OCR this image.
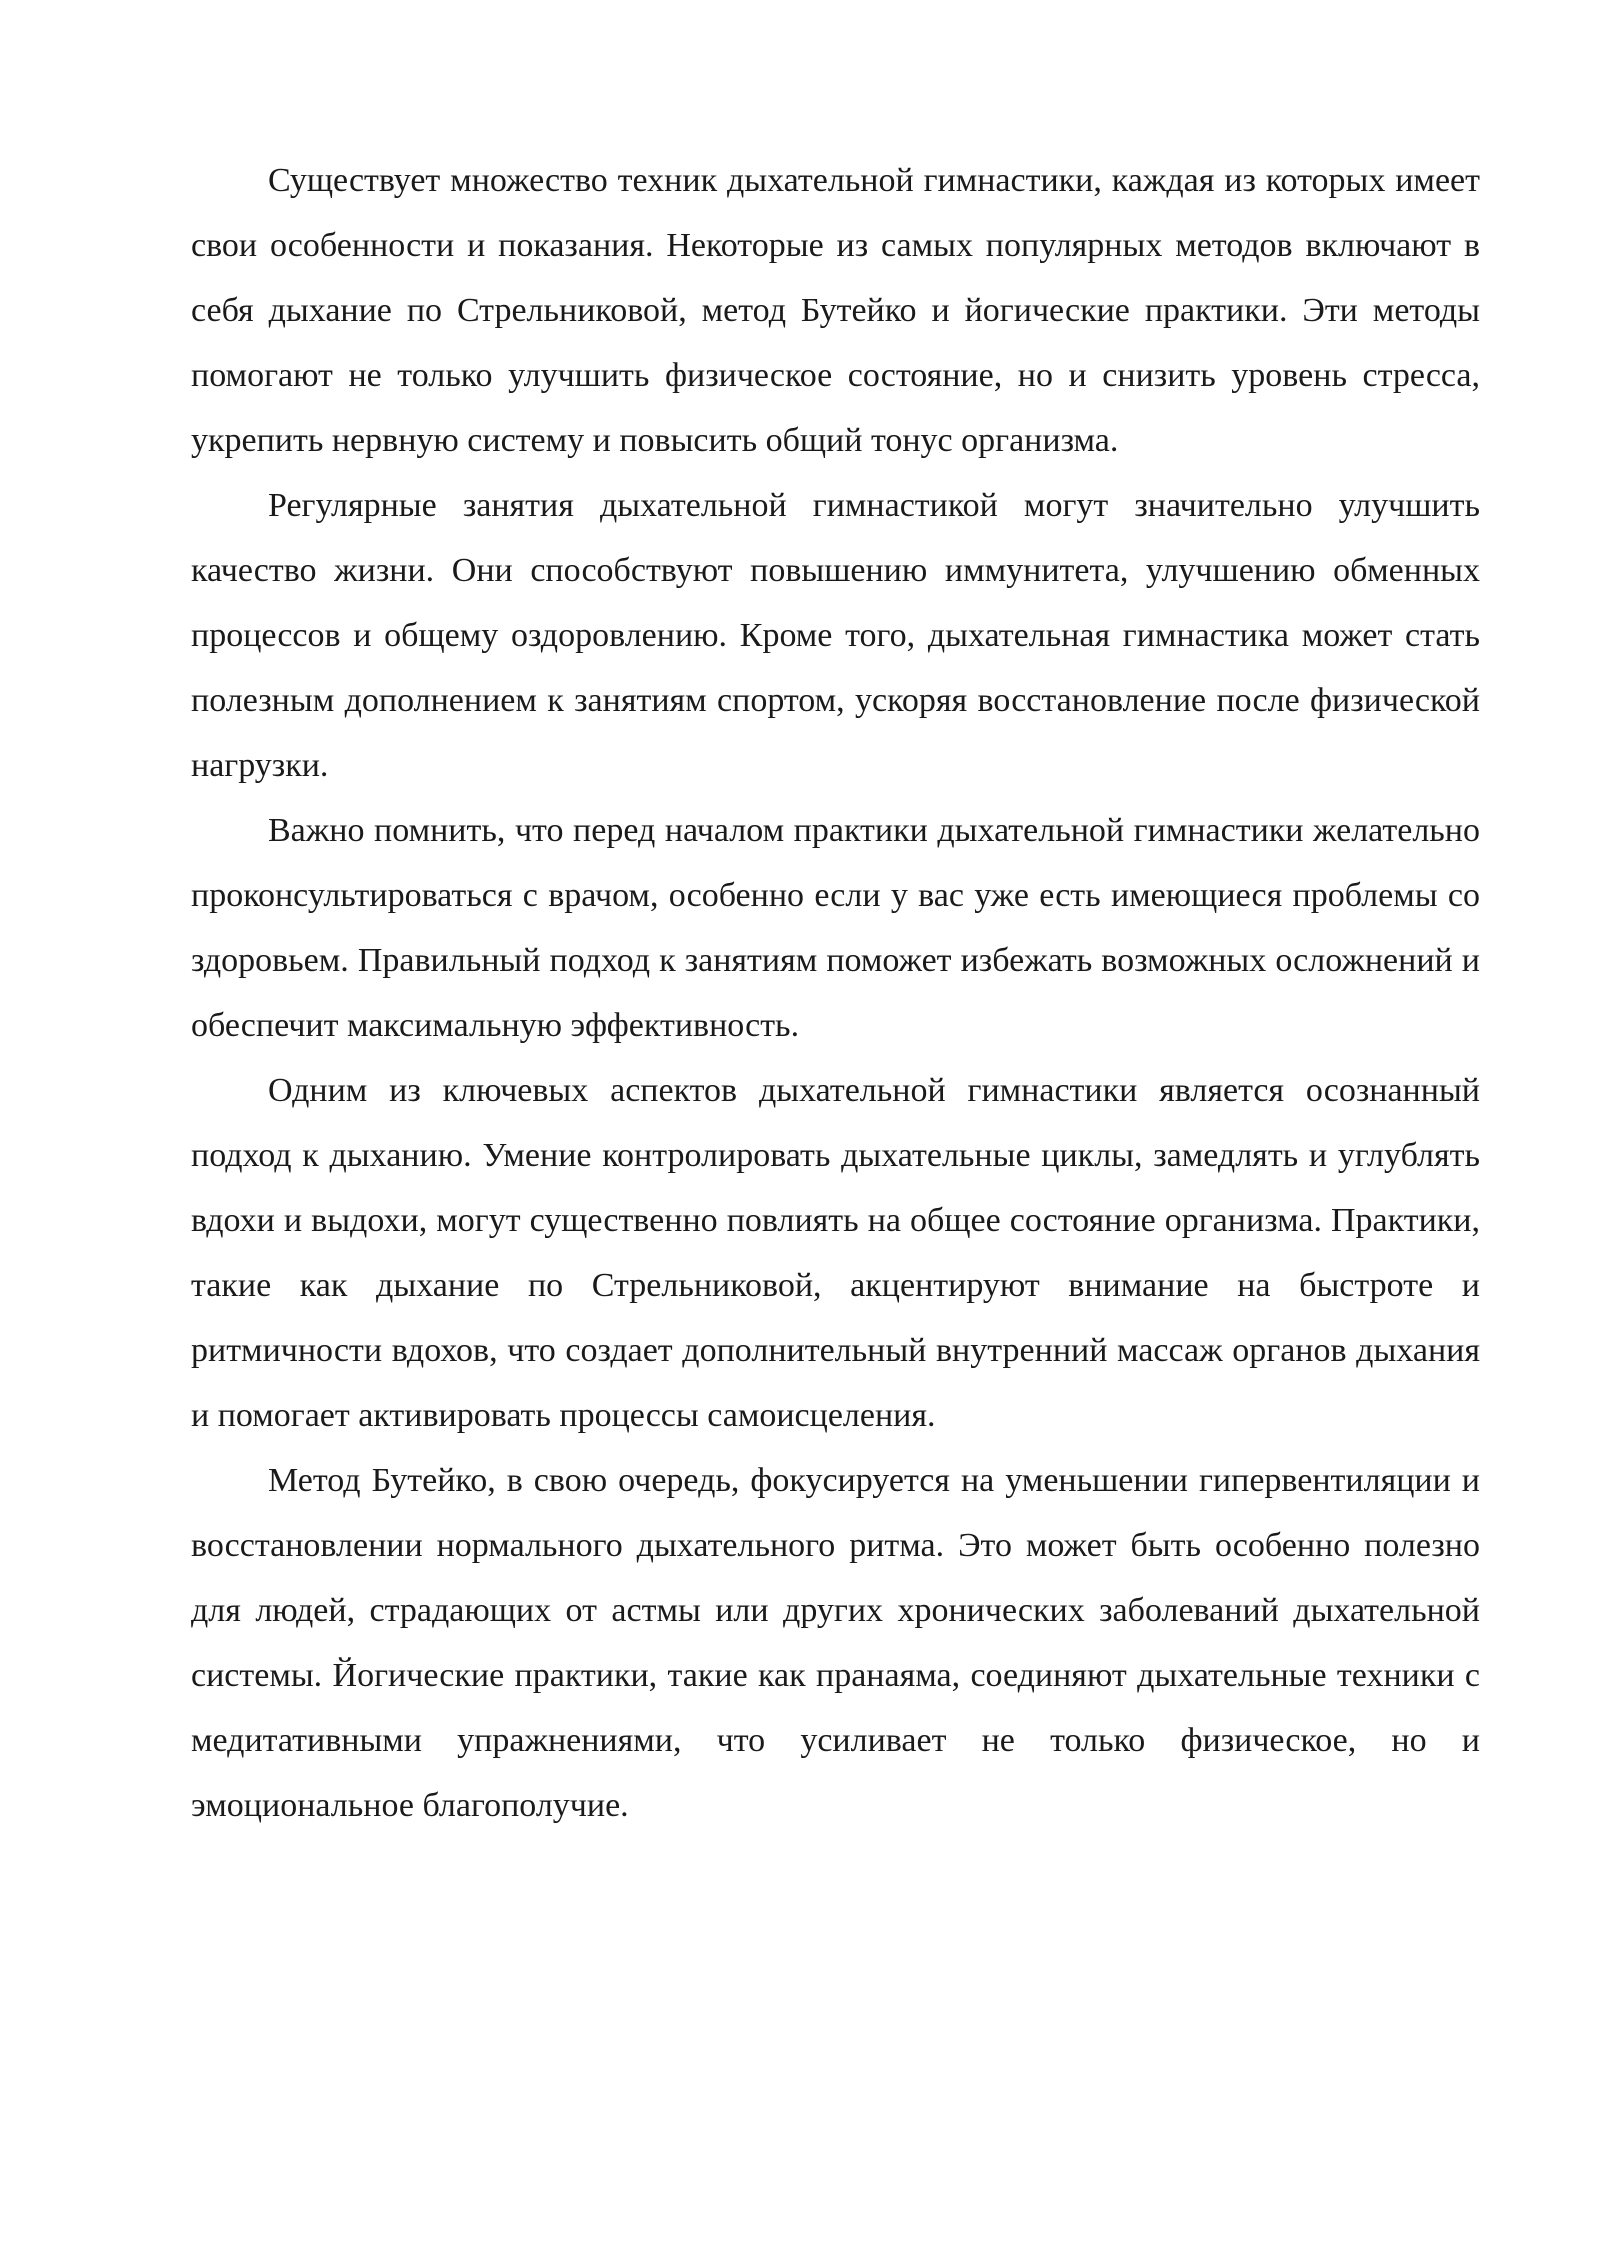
Существует множество техник дыхательной гимнастики, каждая из которых имеет свои особенности и показания. Некоторые из самых популярных методов включают в себя дыхание по Стрельниковой, метод Бутейко и йогические практики. Эти методы помогают не только улучшить физическое состояние, но и снизить уровень стресса, укрепить нервную систему и повысить общий тонус организма.

Регулярные занятия дыхательной гимнастикой могут значительно улучшить качество жизни. Они способствуют повышению иммунитета, улучшению обменных процессов и общему оздоровлению. Кроме того, дыхательная гимнастика может стать полезным дополнением к занятиям спортом, ускоряя восстановление после физической нагрузки.

Важно помнить, что перед началом практики дыхательной гимнастики желательно проконсультироваться с врачом, особенно если у вас уже есть имеющиеся проблемы со здоровьем. Правильный подход к занятиям поможет избежать возможных осложнений и обеспечит максимальную эффективность.

Одним из ключевых аспектов дыхательной гимнастики является осознанный подход к дыханию. Умение контролировать дыхательные циклы, замедлять и углублять вдохи и выдохи, могут существенно повлиять на общее состояние организма. Практики, такие как дыхание по Стрельниковой, акцентируют внимание на быстроте и ритмичности вдохов, что создает дополнительный внутренний массаж органов дыхания и помогает активировать процессы самоисцеления.

Метод Бутейко, в свою очередь, фокусируется на уменьшении гипервентиляции и восстановлении нормального дыхательного ритма. Это может быть особенно полезно для людей, страдающих от астмы или других хронических заболеваний дыхательной системы. Йогические практики, такие как пранаяма, соединяют дыхательные техники с медитативными упражнениями, что усиливает не только физическое, но и эмоциональное благополучие.
